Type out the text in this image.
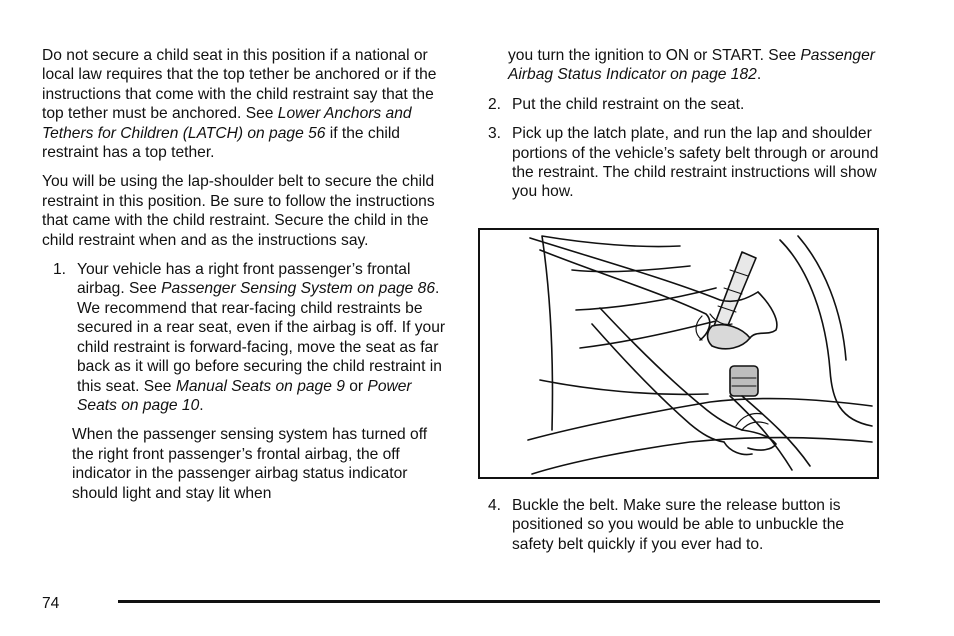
Do not secure a child seat in this position if a national or local law requires that the top tether be anchored or if the instructions that come with the child restraint say that the top tether must be anchored. See Lower Anchors and Tethers for Children (LATCH) on page 56 if the child restraint has a top tether.

You will be using the lap-shoulder belt to secure the child restraint in this position. Be sure to follow the instructions that came with the child restraint. Secure the child in the child restraint when and as the instructions say.

1. Your vehicle has a right front passenger’s frontal airbag. See Passenger Sensing System on page 86. We recommend that rear-facing child restraints be secured in a rear seat, even if the airbag is off. If your child restraint is forward-facing, move the seat as far back as it will go before securing the child restraint in this seat. See Manual Seats on page 9 or Power Seats on page 10.

When the passenger sensing system has turned off the right front passenger’s frontal airbag, the off indicator in the passenger airbag status indicator should light and stay lit when

you turn the ignition to ON or START. See Passenger Airbag Status Indicator on page 182.

2. Put the child restraint on the seat.
3. Pick up the latch plate, and run the lap and shoulder portions of the vehicle’s safety belt through or around the restraint. The child restraint instructions will show you how.
4. Buckle the belt. Make sure the release button is positioned so you would be able to unbuckle the safety belt quickly if you ever had to.
74
